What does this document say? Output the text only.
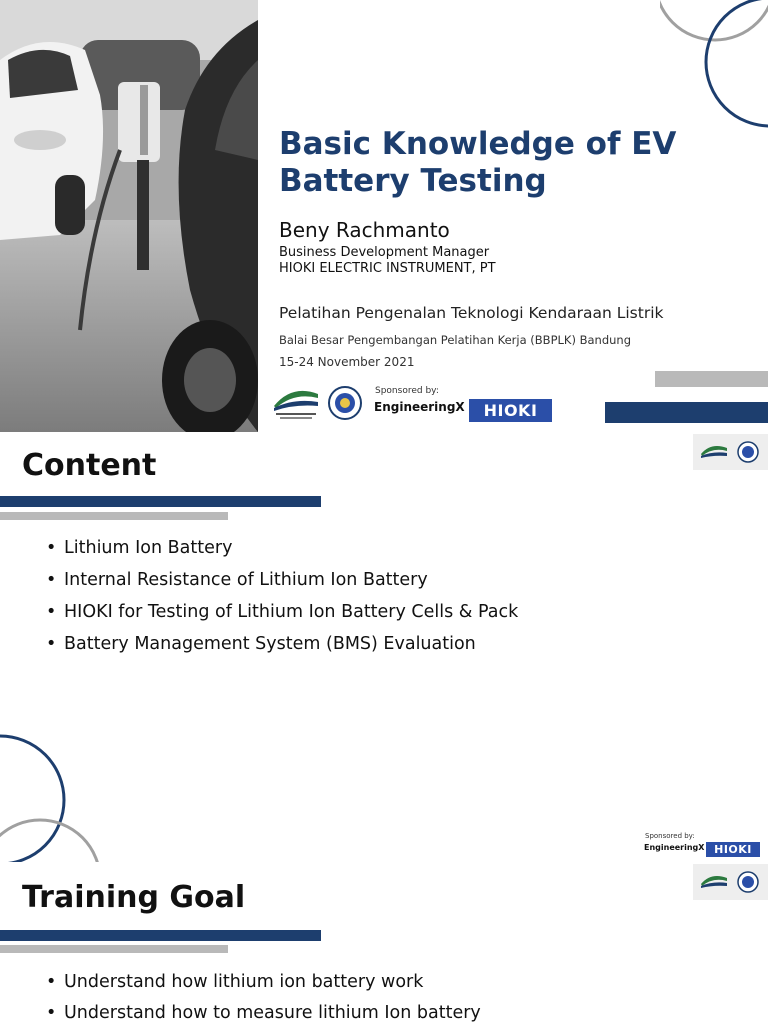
Basic Knowledge of EV Battery Testing
Beny Rachmanto
Business Development Manager
HIOKI ELECTRIC INSTRUMENT, PT
Pelatihan Pengenalan Teknologi Kendaraan Listrik
Balai Besar Pengembangan Pelatihan Kerja (BBPLK) Bandung
15-24 November 2021
Sponsored by:
EngineeringX	HIOKI
Content
• Lithium Ion Battery
• Internal Resistance of Lithium Ion Battery
• HIOKI for Testing of Lithium Ion Battery Cells & Pack
• Battery Management System (BMS) Evaluation
Sponsored by:
EngineeringX HIOKI
Training Goal
• Understand how lithium ion battery work
• Understand how to measure lithium Ion battery
